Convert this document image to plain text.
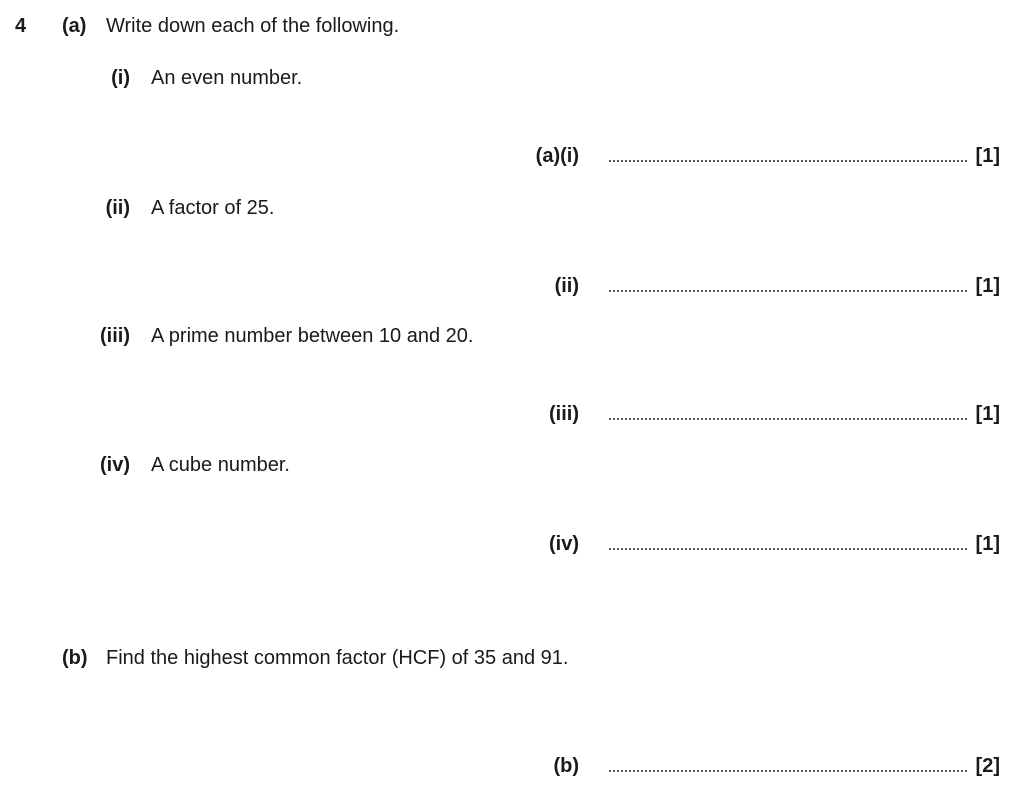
4 (a) Write down each of the following.
(i) An even number.
(a)(i)	[1]
(ii) A factor of 25.
(ii)	[1]
(iii) A prime number between 10 and 20.
(iii)	[1]
(iv) A cube number.
(iv)	[1]
(b) Find the highest common factor (HCF) of 35 and 91.
(b)	[2]
